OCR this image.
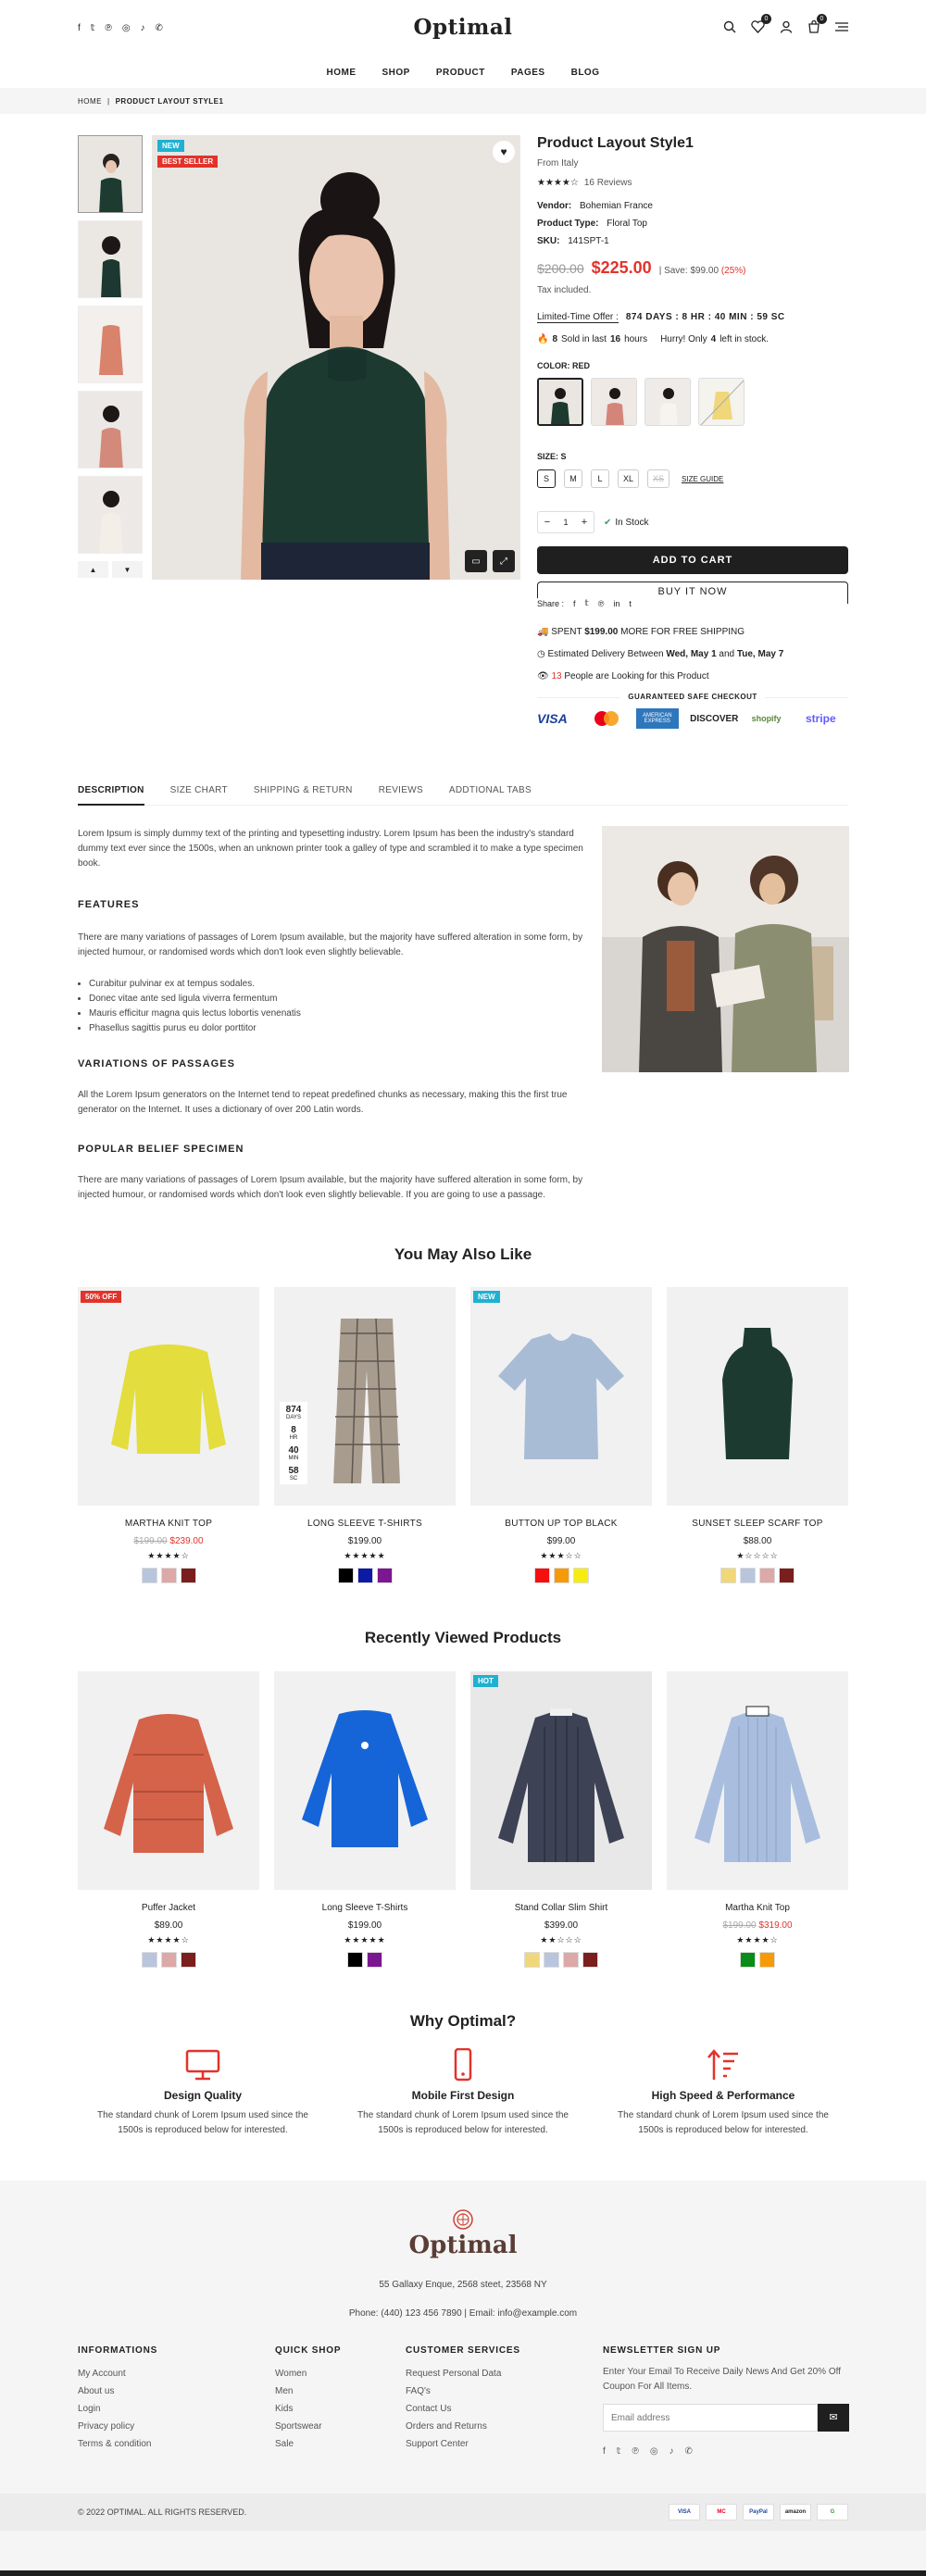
f 𝕥 ℗ ◎ ♪ ✆	Optimal	0	0
HOME	SHOP	PRODUCT	PAGES	BLOG
HOME | PRODUCT LAYOUT STYLE1
▲	▼
NEW
BEST SELLER
♥
▭	⤢
Product Layout Style1
From Italy
★★★★☆ 16 Reviews
Vendor: Bohemian France
Product Type: Floral Top
SKU: 141SPT-1
$200.00 $225.00 | Save: $99.00 (25%)
Tax included.
Limited-Time Offer : 874 DAYS : 8 HR : 40 MIN : 59 SC
🔥 8 Sold in last 16 hours Hurry! Only 4 left in stock.
COLOR: RED
SIZE: S
S	M	L	XL	XS	SIZE GUIDE
−	1	+	✔ In Stock
ADD TO CART
BUY IT NOW
Share : f 𝕥 ℗ in t
🚚 SPENT $199.00 MORE FOR FREE SHIPPING
◷ Estimated Delivery Between Wed, May 1 and Tue, May 7
👁 13 People are Looking for this Product
GUARANTEED SAFE CHECKOUT
VISA	AMERICAN EXPRESS	DISCOVER shopify	stripe
DESCRIPTION	SIZE CHART	SHIPPING & RETURN	REVIEWS	ADDTIONAL TABS

Lorem Ipsum is simply dummy text of the printing and typesetting industry. Lorem Ipsum has been the industry's standard dummy text ever since the 1500s, when an unknown printer took a galley of type and scrambled it to make a type specimen book.

FEATURES

There are many variations of passages of Lorem Ipsum available, but the majority have suffered alteration in some form, by injected humour, or randomised words which don't look even slightly believable.

• Curabitur pulvinar ex at tempus sodales.
• Donec vitae ante sed ligula viverra fermentum
• Mauris efficitur magna quis lectus lobortis venenatis
• Phasellus sagittis purus eu dolor porttitor
VARIATIONS OF PASSAGES

All the Lorem Ipsum generators on the Internet tend to repeat predefined chunks as necessary, making this the first true generator on the Internet. It uses a dictionary of over 200 Latin words.

POPULAR BELIEF SPECIMEN

There are many variations of passages of Lorem Ipsum available, but the majority have suffered alteration in some form, by injected humour, or randomised words which don't look even slightly believable. If you are going to use a passage.

You May Also Like
50% OFF
MARTHA KNIT TOP
$199.00 $239.00
★★★★☆
874
DAYS
8
HR
40
MIN
58
SC
LONG SLEEVE T-SHIRTS
$199.00
★★★★★
NEW
BUTTON UP TOP BLACK
$99.00
★★★☆☆
SUNSET SLEEP SCARF TOP
$88.00
★☆☆☆☆
Recently Viewed Products
Puffer Jacket
$89.00
★★★★☆
Long Sleeve T-Shirts
$199.00
★★★★★
HOT
Stand Collar Slim Shirt
$399.00
★★☆☆☆
Martha Knit Top
$199.00 $319.00
★★★★☆
Why Optimal?
Design Quality
The standard chunk of Lorem Ipsum used since the 1500s is reproduced below for interested.
Mobile First Design
The standard chunk of Lorem Ipsum used since the 1500s is reproduced below for interested.
High Speed & Performance
The standard chunk of Lorem Ipsum used since the 1500s is reproduced below for interested.
Optimal
55 Gallaxy Enque, 2568 steet, 23568 NY
Phone: (440) 123 456 7890 | Email: info@example.com
INFORMATIONS
My Account
About us
Login
Privacy policy
Terms & condition
QUICK SHOP
Women
Men
Kids
Sportswear
Sale
CUSTOMER SERVICES
Request Personal Data
FAQ's
Contact Us
Orders and Returns
Support Center
NEWSLETTER SIGN UP
Enter Your Email To Receive Daily News And Get 20% Off Coupon For All Items.
Email address
✉
f 𝕥 ℗ ◎ ♪ ✆
© 2022 OPTIMAL. ALL RIGHTS RESERVED.	VISA	MC	PayPal	amazon	G
